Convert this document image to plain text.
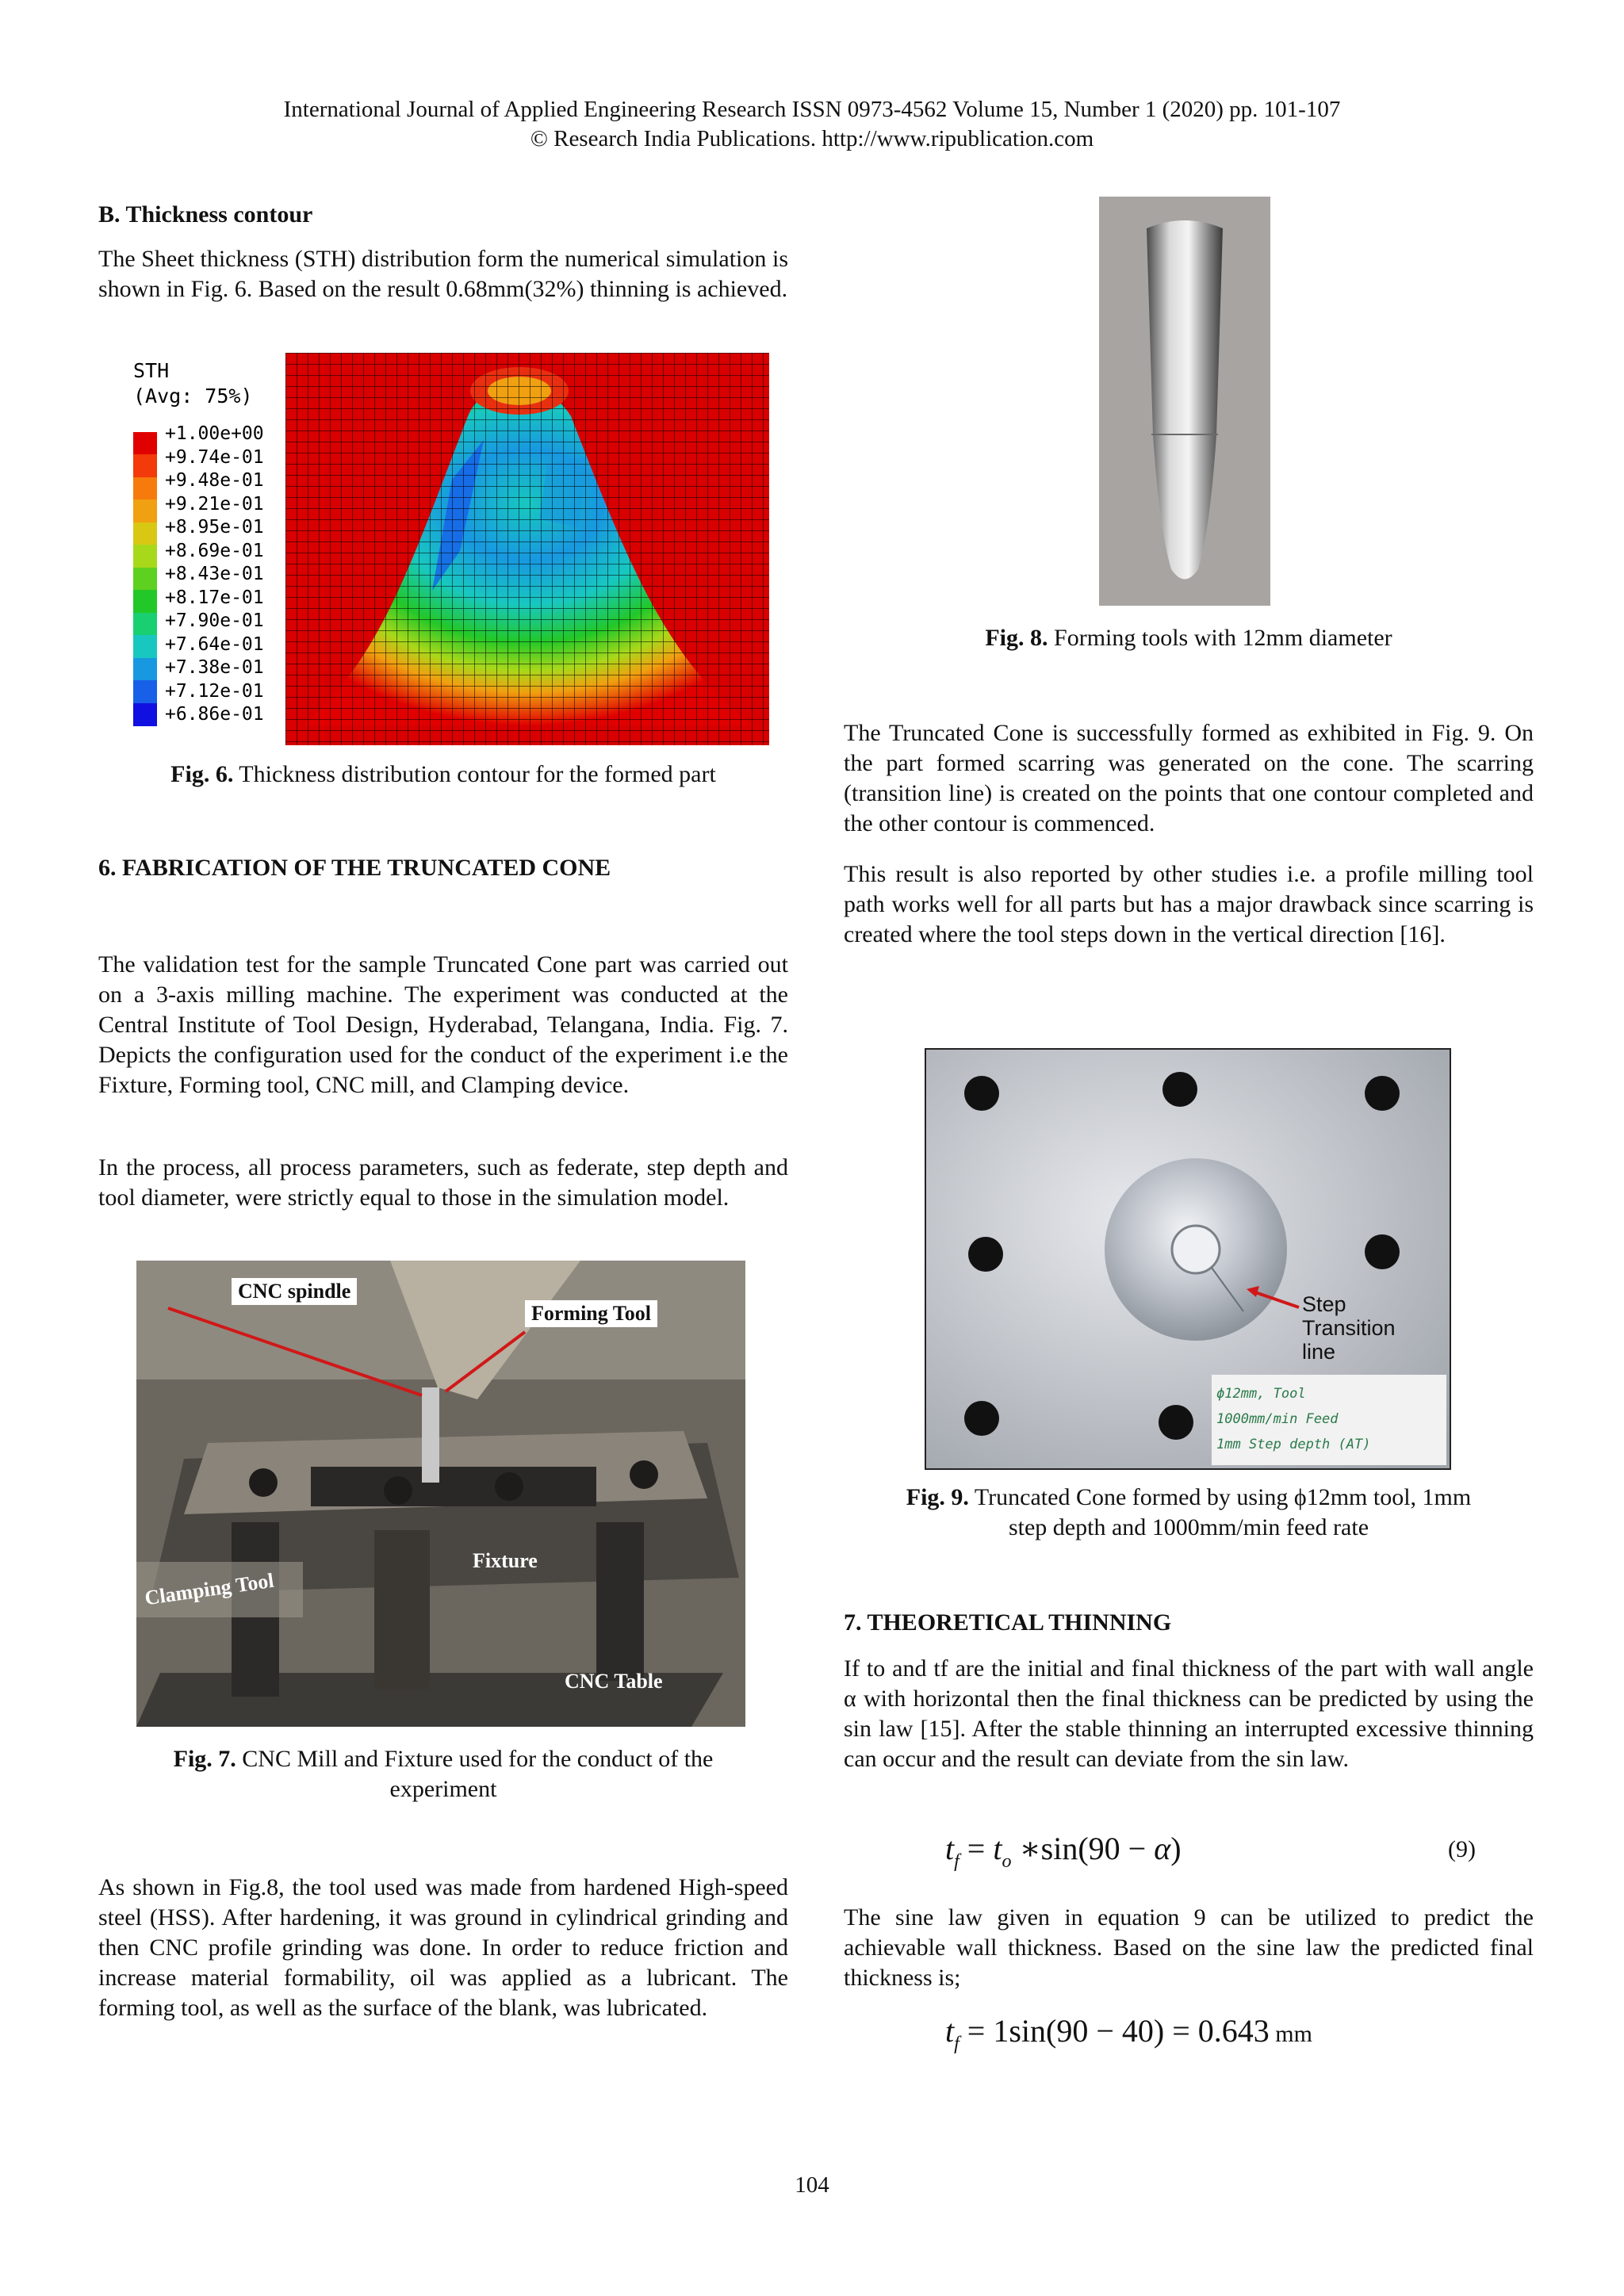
International Journal of Applied Engineering Research ISSN 0973-4562 Volume 15, Number 1 (2020) pp. 101-107
© Research India Publications. http://www.ripublication.com

B. Thickness contour

The Sheet thickness (STH) distribution form the numerical simulation is shown in Fig. 6. Based on the result 0.68mm(32%) thinning is achieved.

STH
(Avg: 75%)
+1.00e+00
+9.74e-01
+9.48e-01
+9.21e-01
+8.95e-01
+8.69e-01
+8.43e-01
+8.17e-01
+7.90e-01
+7.64e-01
+7.38e-01
+7.12e-01
+6.86e-01

Fig. 6. Thickness distribution contour for the formed part

6. FABRICATION OF THE TRUNCATED CONE

The validation test for the sample Truncated Cone part was carried out on a 3-axis milling machine. The experiment was conducted at the Central Institute of Tool Design, Hyderabad, Telangana, India. Fig. 7. Depicts the configuration used for the conduct of the experiment i.e the Fixture, Forming tool, CNC mill, and Clamping device.

In the process, all process parameters, such as federate, step depth and tool diameter, were strictly equal to those in the simulation model.

CNC spindle
Forming Tool
Fixture
Clamping Tool
CNC Table

Fig. 7. CNC Mill and Fixture used for the conduct of the
experiment

As shown in Fig.8, the tool used was made from hardened High-speed steel (HSS). After hardening, it was ground in cylindrical grinding and then CNC profile grinding was done. In order to reduce friction and increase material formability, oil was applied as a lubricant. The forming tool, as well as the surface of the blank, was lubricated.

Fig. 8. Forming tools with 12mm diameter

The Truncated Cone is successfully formed as exhibited in Fig. 9. On the part formed scarring was generated on the cone. The scarring (transition line) is created on the points that one contour completed and the other contour is commenced.

This result is also reported by other studies i.e. a profile milling tool path works well for all parts but has a major drawback since scarring is created where the tool steps down in the vertical direction [16].

Step
Transition
line
ϕ12mm, Tool
1000mm/min Feed
1mm Step depth (AT)

Fig. 9. Truncated Cone formed by using ϕ12mm tool, 1mm
step depth and 1000mm/min feed rate

7. THEORETICAL THINNING

If to and tf are the initial and final thickness of the part with wall angle α with horizontal then the final thickness can be predicted by using the sin law [15]. After the stable thinning an interrupted excessive thinning can occur and the result can deviate from the sin law.

$t_f = t_o$ ∗sin(90 − α)	(9)

The sine law given in equation 9 can be utilized to predict the achievable wall thickness. Based on the sine law the predicted final thickness is;

$t_f = 1\sin(90 - 40) = 0.643$ mm
104
